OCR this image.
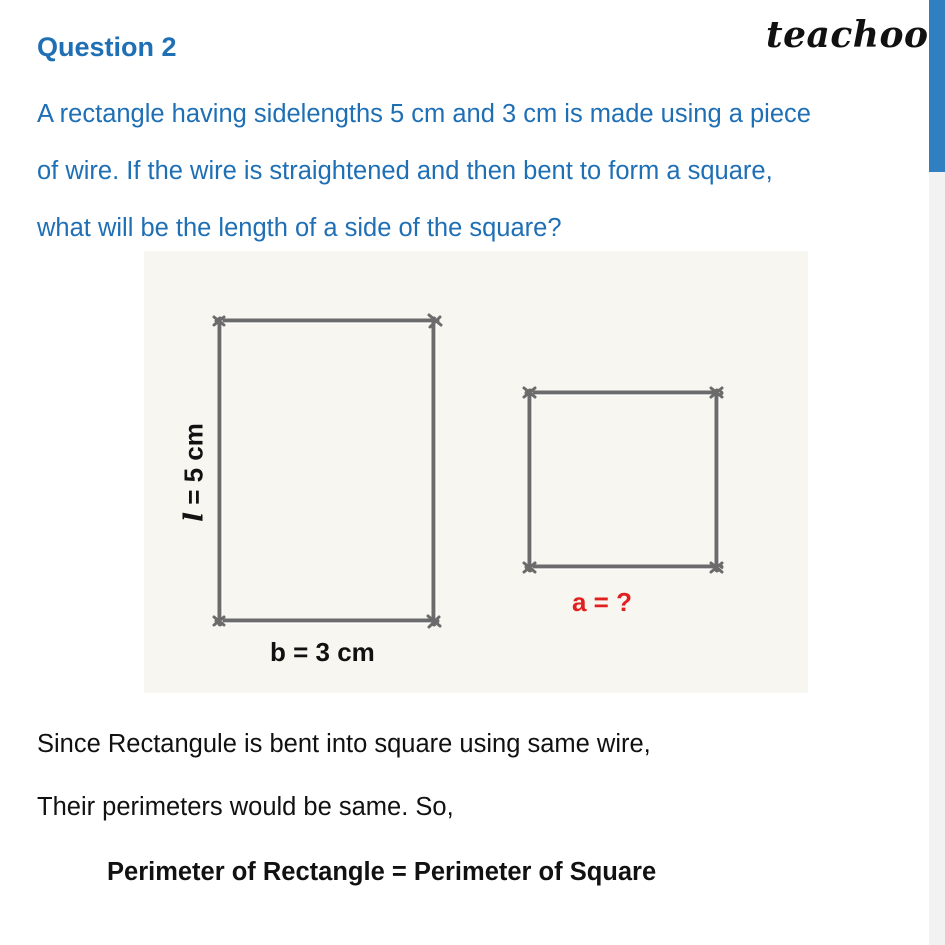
Question 2	teachoo
A rectangle having sidelengths 5 cm and 3 cm is made using a piece
of wire. If the wire is straightened and then bent to form a square,
what will be the length of a side of the square?
l = 5 cm
b = 3 cm
a = ?
Since Rectangule is bent into square using same wire,
Their perimeters would be same. So,
Perimeter of Rectangle = Perimeter of Square
